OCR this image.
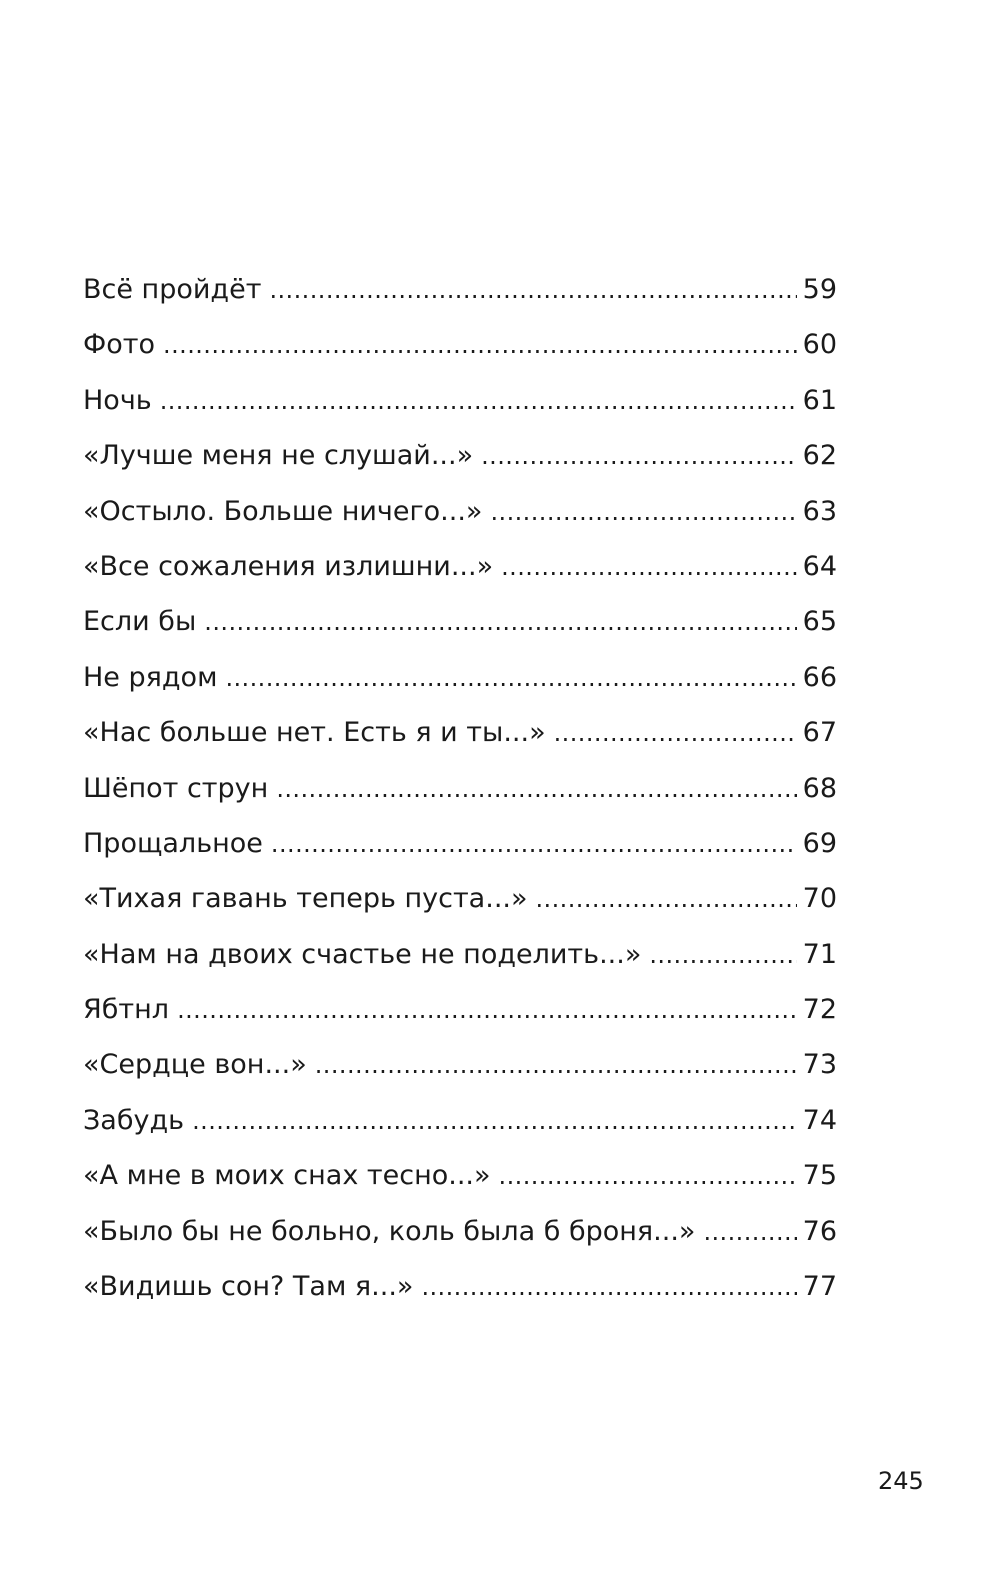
Всё пройдёт . . .	59
Фото . . .	60
Ночь . . .	61
«Лучше меня не слушай...» . . .	62
«Остыло. Больше ничего...» . . .	63
«Все сожаления излишни...» . . .	64
Если бы . . .	65
Не рядом . . .	66
«Нас больше нет. Есть я и ты...» . . .	67
Шёпот струн . . .	68
Прощальное . . .	69
«Тихая гавань теперь пуста...» . . .	70
«Нам на двоих счастье не поделить...» . . .	71
Ябтнл . . .	72
«Сердце вон...» . . .	73
Забудь . . .	74
«А мне в моих снах тесно...» . . .	75
«Было бы не больно, коль была б броня...» . . .	76
«Видишь сон? Там я...» . . .	77
245
